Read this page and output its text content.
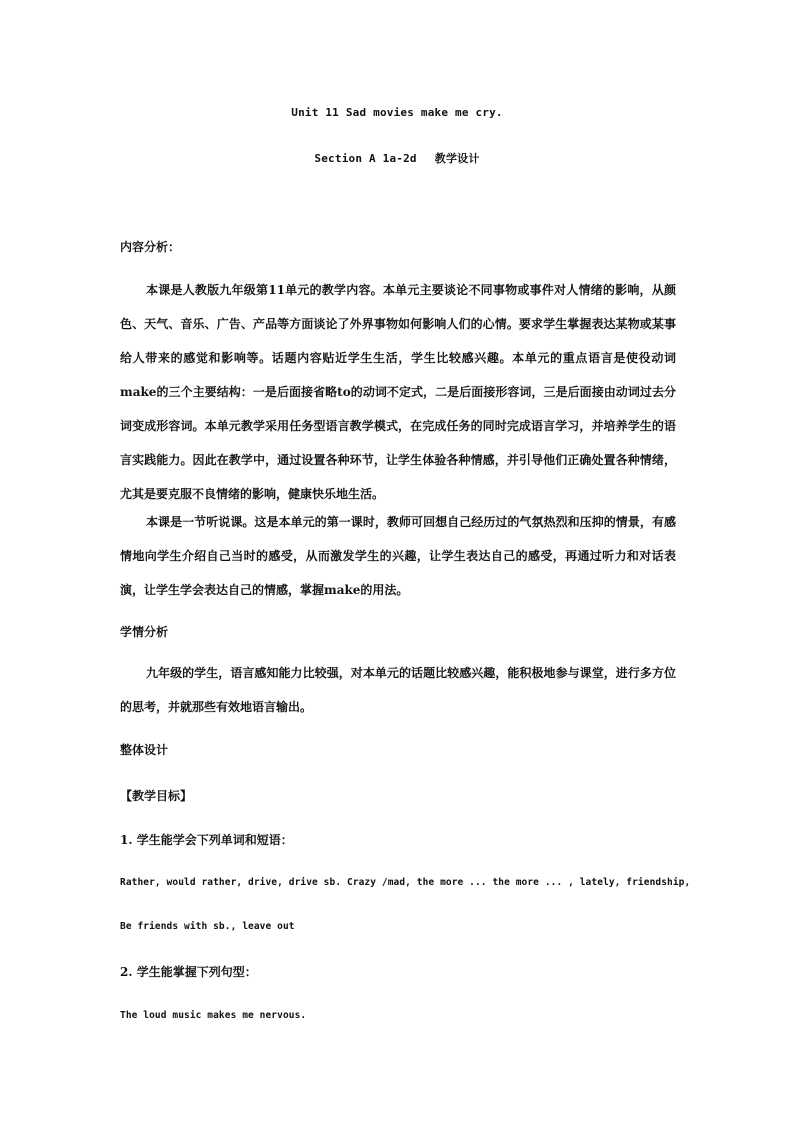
Unit 11 Sad movies make me cry.
Section A 1a-2d　 教学设计
内容分析：
本课是人教版九年级第11单元的教学内容。本单元主要谈论不同事物或事件对人情绪的影响，从颜色、天气、音乐、广告、产品等方面谈论了外界事物如何影响人们的心情。要求学生掌握表达某物或某事给人带来的感觉和影响等。话题内容贴近学生生活，学生比较感兴趣。本单元的重点语言是使役动词make的三个主要结构：一是后面接省略to的动词不定式，二是后面接形容词，三是后面接由动词过去分词变成形容词。本单元教学采用任务型语言教学模式，在完成任务的同时完成语言学习，并培养学生的语言实践能力。因此在教学中，通过设置各种环节，让学生体验各种情感，并引导他们正确处置各种情绪，尤其是要克服不良情绪的影响，健康快乐地生活。
本课是一节听说课。这是本单元的第一课时，教师可回想自己经历过的气氛热烈和压抑的情景，有感情地向学生介绍自己当时的感受，从而激发学生的兴趣，让学生表达自己的感受，再通过听力和对话表演，让学生学会表达自己的情感，掌握make的用法。
学情分析
九年级的学生，语言感知能力比较强，对本单元的话题比较感兴趣，能积极地参与课堂，进行多方位的思考，并就那些有效地语言输出。
整体设计
【教学目标】
1. 学生能学会下列单词和短语：
Rather, would rather, drive, drive sb. Crazy /mad, the more ... the more ... , lately, friendship,
Be friends with sb., leave out
2. 学生能掌握下列句型：
The loud music makes me nervous.
